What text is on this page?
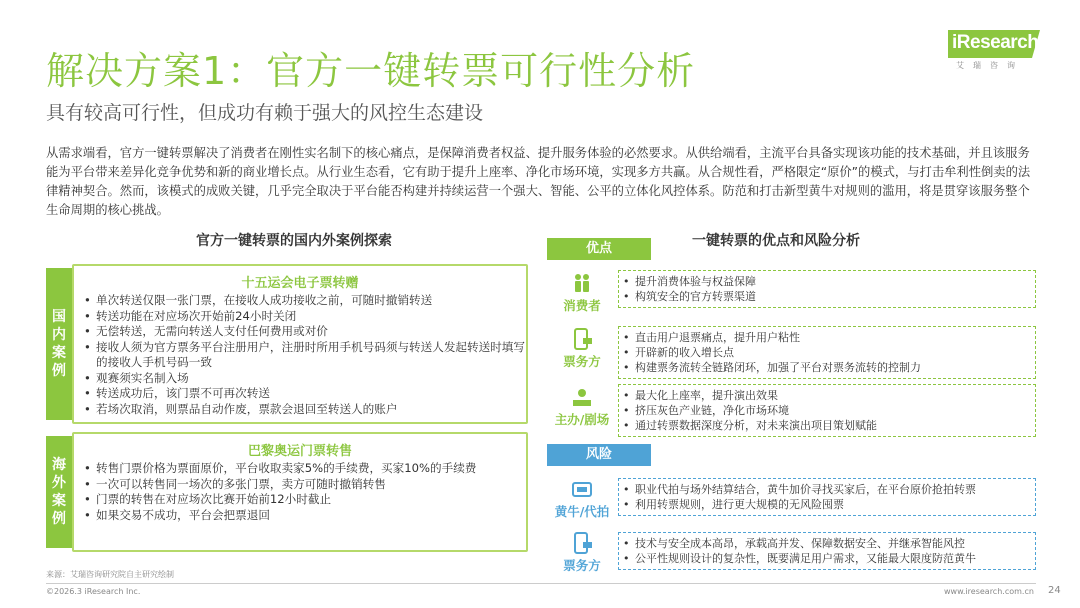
解决方案1：官方一键转票可行性分析
具有较高可行性，但成功有赖于强大的风控生态建设
iResearch
艾瑞咨询
从需求端看，官方一键转票解决了消费者在刚性实名制下的核心痛点，是保障消费者权益、提升服务体验的必然要求。从供给端看，主流平台具备实现该功能的技术基础，并且该服务能为平台带来差异化竞争优势和新的商业增长点。从行业生态看，它有助于提升上座率、净化市场环境，实现多方共赢。从合规性看，严格限定“原价”的模式，与打击牟利性倒卖的法律精神契合。然而，该模式的成败关键，几乎完全取决于平台能否构建并持续运营一个强大、智能、公平的立体化风控体系。防范和打击新型黄牛对规则的滥用，将是贯穿该服务整个生命周期的核心挑战。
官方一键转票的国内外案例探索	一键转票的优点和风险分析
国内案例
十五运会电子票转赠
• 单次转送仅限一张门票，在接收人成功接收之前，可随时撤销转送
• 转送功能在对应场次开始前24小时关闭
• 无偿转送，无需向转送人支付任何费用或对价
• 接收人须为官方票务平台注册用户，注册时所用手机号码须与转送人发起转送时填写的接收人手机号码一致
• 观赛须实名制入场
• 转送成功后，该门票不可再次转送
• 若场次取消，则票品自动作废，票款会退回至转送人的账户
海外案例
巴黎奥运门票转售
• 转售门票价格为票面原价，平台收取卖家5%的手续费，买家10%的手续费
• 一次可以转售同一场次的多张门票，卖方可随时撤销转售
• 门票的转售在对应场次比赛开始前12小时截止
• 如果交易不成功，平台会把票退回
优点
消费者
• 提升消费体验与权益保障
• 构筑安全的官方转票渠道
票务方
• 直击用户退票痛点，提升用户粘性
• 开辟新的收入增长点
• 构建票务流转全链路闭环，加强了平台对票务流转的控制力
主办/剧场
• 最大化上座率，提升演出效果
• 挤压灰色产业链，净化市场环境
• 通过转票数据深度分析，对未来演出项目策划赋能
风险
黄牛/代拍
• 职业代拍与场外结算结合，黄牛加价寻找买家后，在平台原价抢拍转票
• 利用转票规则，进行更大规模的无风险囤票
票务方
• 技术与安全成本高昂，承载高并发、保障数据安全、并继承智能风控
• 公平性规则设计的复杂性，既要满足用户需求，又能最大限度防范黄牛
来源：艾瑞咨询研究院自主研究绘制
©2026.3 iResearch Inc.	www.iresearch.com.cn 24
